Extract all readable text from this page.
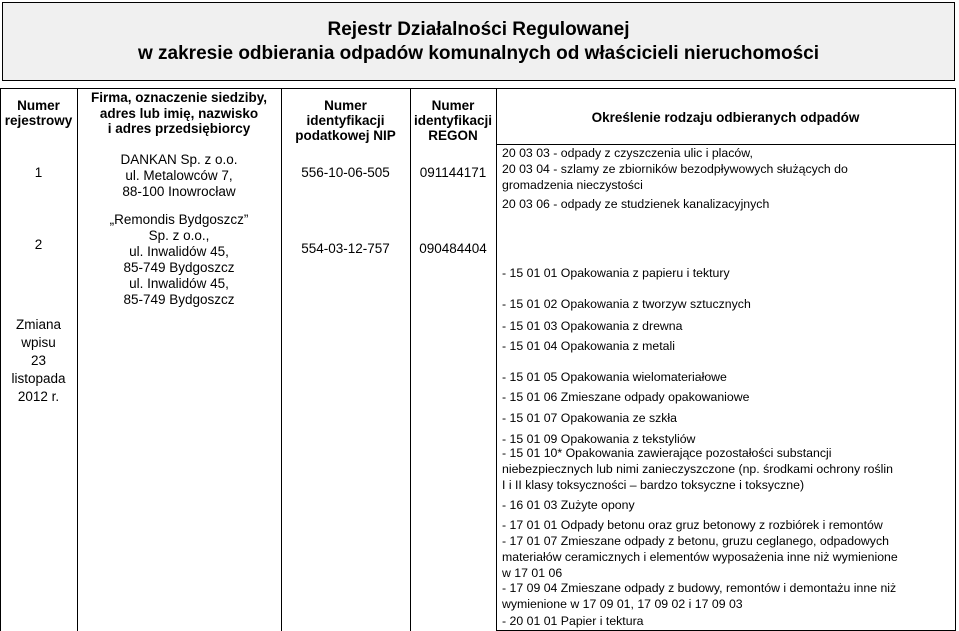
Rejestr Działalności Regulowanej
w zakresie odbierania odpadów komunalnych od właścicieli nieruchomości
Numer
rejestrowy
Firma, oznaczenie siedziby,
adres lub imię, nazwisko
i adres przedsiębiorcy
Numer
identyfikacji
podatkowej NIP
Numer
identyfikacji
REGON
Określenie rodzaju odbieranych odpadów
1
DANKAN Sp. z o.o.
ul. Metalowców 7,
88-100 Inowrocław
556-10-06-505	091144171
2
„Remondis Bydgoszcz”
Sp. z o.o.,
ul. Inwalidów 45,
85-749 Bydgoszcz
ul. Inwalidów 45,
85-749 Bydgoszcz
554-03-12-757	090484404
Zmiana
wpisu
23
listopada
2012 r.
20 03 03 - odpady z czyszczenia ulic i placów,
20 03 04 - szlamy ze zbiorników bezodpływowych służących do
gromadzenia nieczystości
20 03 06 - odpady ze studzienek kanalizacyjnych
- 15 01 01 Opakowania z papieru i tektury
- 15 01 02 Opakowania z tworzyw sztucznych
- 15 01 03 Opakowania z drewna
- 15 01 04 Opakowania z metali
- 15 01 05 Opakowania wielomateriałowe
- 15 01 06 Zmieszane odpady opakowaniowe
- 15 01 07 Opakowania ze szkła
- 15 01 09 Opakowania z tekstyliów
- 15 01 10* Opakowania zawierające pozostałości substancji
niebezpiecznych lub nimi zanieczyszczone (np. środkami ochrony roślin
I i II klasy toksyczności – bardzo toksyczne i toksyczne)
- 16 01 03 Zużyte opony
- 17 01 01 Odpady betonu oraz gruz betonowy z rozbiórek i remontów
- 17 01 07 Zmieszane odpady z betonu, gruzu ceglanego, odpadowych
materiałów ceramicznych i elementów wyposażenia inne niż wymienione
w 17 01 06
- 17 09 04 Zmieszane odpady z budowy, remontów i demontażu inne niż
wymienione w 17 09 01, 17 09 02 i 17 09 03
- 20 01 01 Papier i tektura
